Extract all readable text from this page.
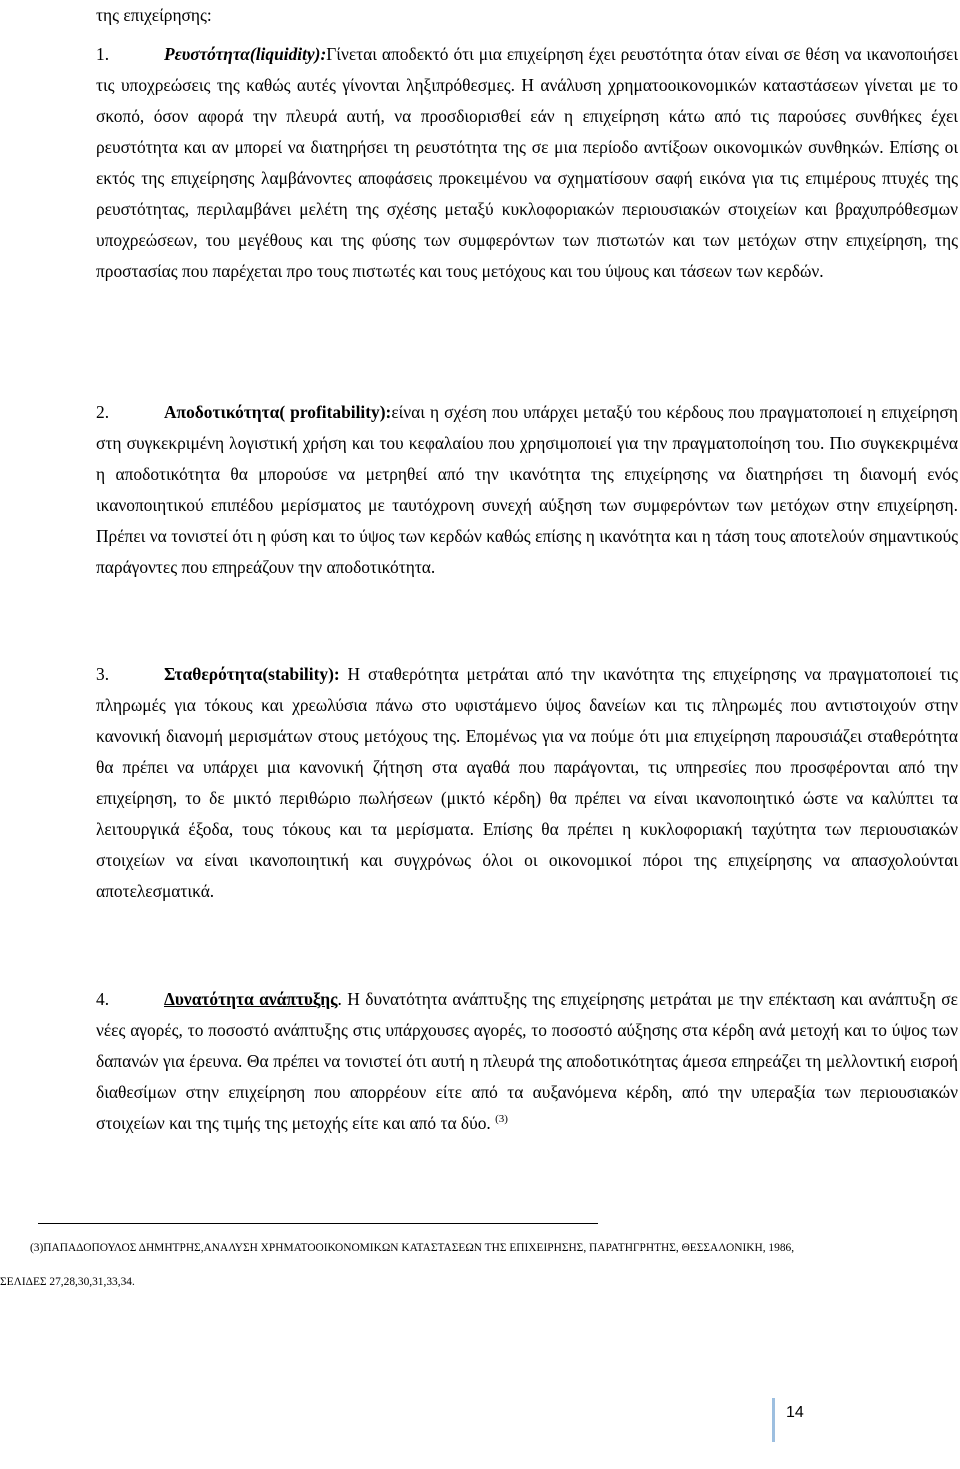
της επιχείρησης:
1.	Ρευστότητα(liquidity):Γίνεται αποδεκτό ότι μια επιχείρηση έχει ρευστότητα όταν είναι σε θέση να ικανοποιήσει τις υποχρεώσεις της καθώς αυτές γίνονται ληξιπρόθεσμες. Η ανάλυση χρηματοοικονομικών καταστάσεων γίνεται με το σκοπό, όσον αφορά την πλευρά αυτή, να προσδιορισθεί εάν η επιχείρηση κάτω από τις παρούσες συνθήκες έχει ρευστότητα και αν μπορεί να διατηρήσει τη ρευστότητα της σε μια περίοδο αντίξοων οικονομικών συνθηκών. Επίσης οι εκτός της επιχείρησης λαμβάνοντες αποφάσεις προκειμένου να σχηματίσουν σαφή εικόνα για τις επιμέρους πτυχές της ρευστότητας, περιλαμβάνει μελέτη της σχέσης μεταξύ κυκλοφοριακών περιουσιακών στοιχείων και βραχυπρόθεσμων υποχρεώσεων, του μεγέθους και της φύσης των συμφερόντων των πιστωτών και των μετόχων στην επιχείρηση, της προστασίας που παρέχεται προ τους πιστωτές και τους μετόχους και του ύψους και τάσεων των κερδών.
2.	Αποδοτικότητα( profitability):είναι η σχέση που υπάρχει μεταξύ του κέρδους που πραγματοποιεί η επιχείρηση στη συγκεκριμένη λογιστική χρήση και του κεφαλαίου που χρησιμοποιεί για την πραγματοποίηση του. Πιο συγκεκριμένα η αποδοτικότητα θα μπορούσε να μετρηθεί από την ικανότητα της επιχείρησης να διατηρήσει τη διανομή ενός ικανοποιητικού επιπέδου μερίσματος με ταυτόχρονη συνεχή αύξηση των συμφερόντων των μετόχων στην επιχείρηση. Πρέπει να τονιστεί ότι η φύση και το ύψος των κερδών καθώς επίσης η ικανότητα και η τάση τους αποτελούν σημαντικούς παράγοντες που επηρεάζουν την αποδοτικότητα.
3.	Σταθερότητα(stability): Η σταθερότητα μετράται από την ικανότητα της επιχείρησης να πραγματοποιεί τις πληρωμές για τόκους και χρεωλύσια πάνω στο υφιστάμενο ύψος δανείων και τις πληρωμές που αντιστοιχούν στην κανονική διανομή μερισμάτων στους μετόχους της. Επομένως για να πούμε ότι μια επιχείρηση παρουσιάζει σταθερότητα θα πρέπει να υπάρχει μια κανονική ζήτηση στα αγαθά που παράγονται, τις υπηρεσίες που προσφέρονται από την επιχείρηση, το δε μικτό περιθώριο πωλήσεων (μικτό κέρδη) θα πρέπει να είναι ικανοποιητικό ώστε να καλύπτει τα λειτουργικά έξοδα, τους τόκους και τα μερίσματα. Επίσης θα πρέπει η κυκλοφοριακή ταχύτητα των περιουσιακών στοιχείων να είναι ικανοποιητική και συγχρόνως όλοι οι οικονομικοί πόροι της επιχείρησης να απασχολούνται αποτελεσματικά.
4.	Δυνατότητα ανάπτυξης. Η δυνατότητα ανάπτυξης της επιχείρησης μετράται με την επέκταση και ανάπτυξη σε νέες αγορές, το ποσοστό ανάπτυξης στις υπάρχουσες αγορές, το ποσοστό αύξησης στα κέρδη ανά μετοχή και το ύψος των δαπανών για έρευνα. Θα πρέπει να τονιστεί ότι αυτή η πλευρά της αποδοτικότητας άμεσα επηρεάζει τη μελλοντική εισροή διαθεσίμων στην επιχείρηση που απορρέουν είτε από τα αυξανόμενα κέρδη, από την υπεραξία των περιουσιακών στοιχείων και της τιμής της μετοχής είτε και από τα δύο. $^{(3)}$
(3)ΠΑΠΑΔΟΠΟΥΛΟΣ ΔΗΜΗΤΡΗΣ,ΑΝΑΛΥΣΗ ΧΡΗΜΑΤΟΟΙΚΟΝΟΜΙΚΩΝ ΚΑΤΑΣΤΑΣΕΩΝ ΤΗΣ ΕΠΙΧΕΙΡΗΣΗΣ, ΠΑΡΑΤΗΓΡΗΤΗΣ, ΘΕΣΣΑΛΟΝΙΚΗ, 1986,
ΣΕΛΙΔΕΣ 27,28,30,31,33,34.
14
